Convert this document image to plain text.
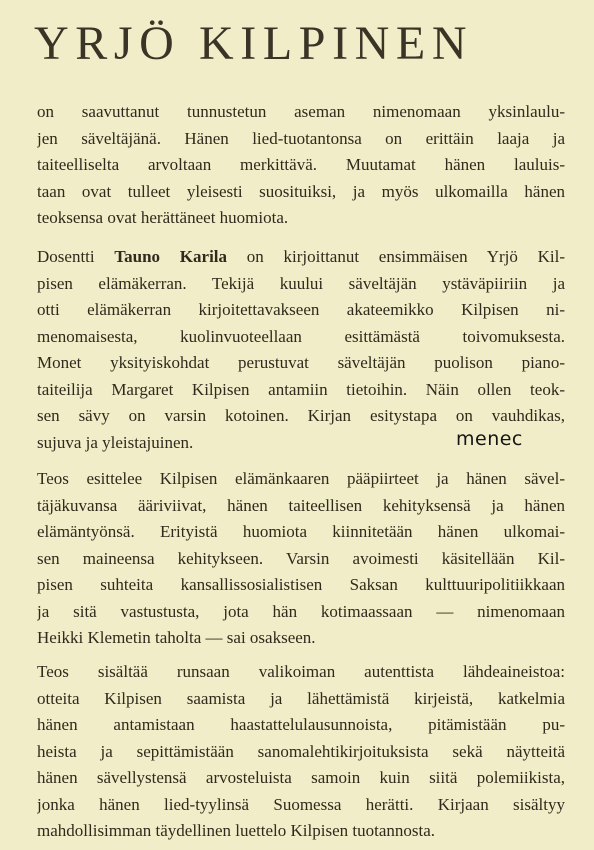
YRJÖ KILPINEN
on saavuttanut tunnustetun aseman nimenomaan yksinlaulu-
jen säveltäjänä. Hänen lied-tuotantonsa on erittäin laaja ja
taiteelliselta arvoltaan merkittävä. Muutamat hänen lauluis-
taan ovat tulleet yleisesti suosituiksi, ja myös ulkomailla hänen
teoksensa ovat herättäneet huomiota.
Dosentti Tauno Karila on kirjoittanut ensimmäisen Yrjö Kil-
pisen elämäkerran. Tekijä kuului säveltäjän ystäväpiiriin ja
otti elämäkerran kirjoitettavakseen akateemikko Kilpisen ni-
menomaisesta, kuolinvuoteellaan esittämästä toivomuksesta.
Monet yksityiskohdat perustuvat säveltäjän puolison piano-
taiteilija Margaret Kilpisen antamiin tietoihin. Näin ollen teok-
sen sävy on varsin kotoinen. Kirjan esitystapa on vauhdikas,
sujuva ja yleistajuinen.	menec
Teos esittelee Kilpisen elämänkaaren pääpiirteet ja hänen sävel-
täjäkuvansa ääriviivat, hänen taiteellisen kehityksensä ja hänen
elämäntyönsä. Erityistä huomiota kiinnitetään hänen ulkomai-
sen maineensa kehitykseen. Varsin avoimesti käsitellään Kil-
pisen suhteita kansallissosialistisen Saksan kulttuuripolitiikkaan
ja sitä vastustusta, jota hän kotimaassaan — nimenomaan
Heikki Klemetin taholta — sai osakseen.
Teos sisältää runsaan valikoiman autenttista lähdeaineistoa:
otteita Kilpisen saamista ja lähettämistä kirjeistä, katkelmia
hänen antamistaan haastattelulausunnoista, pitämistään pu-
heista ja sepittämistään sanomalehtikirjoituksista sekä näytteitä
hänen sävellystensä arvosteluista samoin kuin siitä polemiikista,
jonka hänen lied-tyylinsä Suomessa herätti. Kirjaan sisältyy
mahdollisimman täydellinen luettelo Kilpisen tuotannosta.
